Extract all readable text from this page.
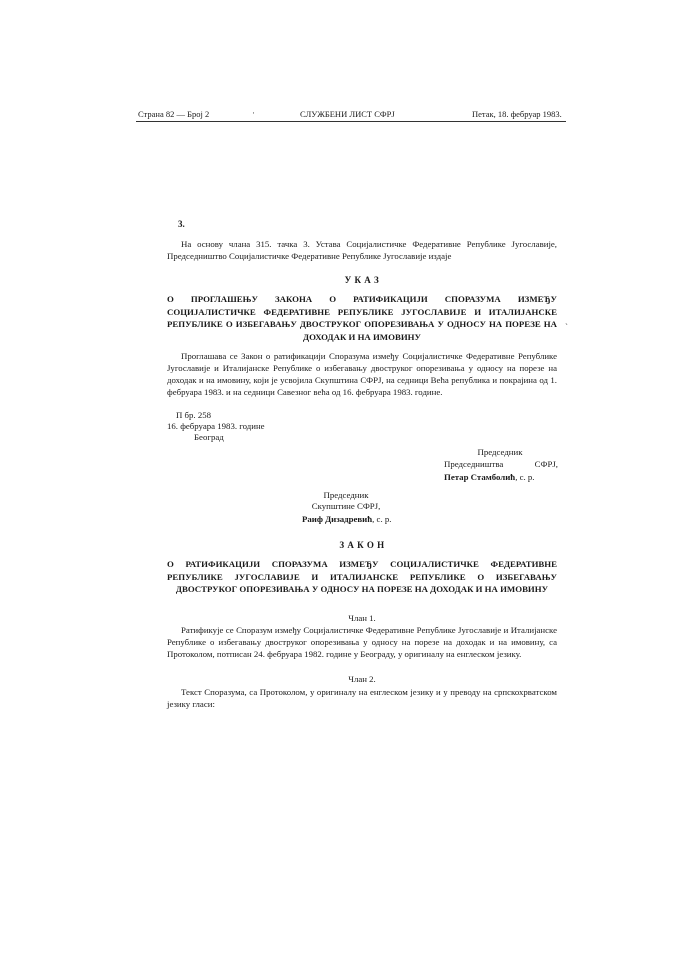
Страна 82 — Број 2	·	СЛУЖБЕНИ ЛИСТ СФРЈ	Петак, 18. фебруар 1983.
3.

На основу члана 315. тачка 3. Устава Социјалистичке Федеративне Републике Југославије, Председништво Социјалистичке Федеративне Републике Југославије издаје

У К А З

О ПРОГЛАШЕЊУ ЗАКОНА О РАТИФИКАЦИЈИ СПОРАЗУМА ИЗМЕЂУ СОЦИЈАЛИСТИЧКЕ ФЕДЕРАТИВНЕ РЕПУБЛИКЕ ЈУГОСЛАВИЈЕ И ИТАЛИЈАНСКЕ РЕПУБЛИКЕ О ИЗБЕГАВАЊУ ДВОСТРУКОГ ОПОРЕЗИВАЊА У ОДНОСУ НА ПОРЕЗЕ НА ДОХОДАК И НА ИМОВИНУ

Проглашава се Закон о ратификацији Споразума између Социјалистичке Федеративне Републике Југославије и Италијанске Републике о избегавању двоструког опорезивања у односу на порезе на доходак и на имовину, који је усвојила Скупштина СФРЈ, на седници Већа република и покрајина од 1. фебруара 1983. и на седници Савезног већа од 16. фебруара 1983. године.

П бр. 258
16. фебруара 1983. године
Београд
Председник
Председништва СФРЈ,
Петар Стамболић, с. р.
Председник
Скупштине СФРЈ,
Раиф Дизадревић, с. р.
З А К О Н

О РАТИФИКАЦИЈИ СПОРАЗУМА ИЗМЕЂУ СОЦИЈАЛИСТИЧКЕ ФЕДЕРАТИВНЕ РЕПУБЛИКЕ ЈУГОСЛАВИЈЕ И ИТАЛИЈАНСКЕ РЕПУБЛИКЕ О ИЗБЕГАВАЊУ ДВОСТРУКОГ ОПОРЕЗИВАЊА У ОДНОСУ НА ПОРЕЗЕ НА ДОХОДАК И НА ИМОВИНУ

Члан 1.

Ратификује се Споразум између Социјалистичке Федеративне Републике Југославије и Италијанске Републике о избегавању двоструког опорезивања у односу на порезе на доходак и на имовину, са Протоколом, потписан 24. фебруара 1982. године у Београду, у оригиналу на енглеском језику.

Члан 2.

Текст Споразума, са Протоколом, у оригиналу на енглеском језику и у преводу на српскохрватском језику гласи:

ˋ
